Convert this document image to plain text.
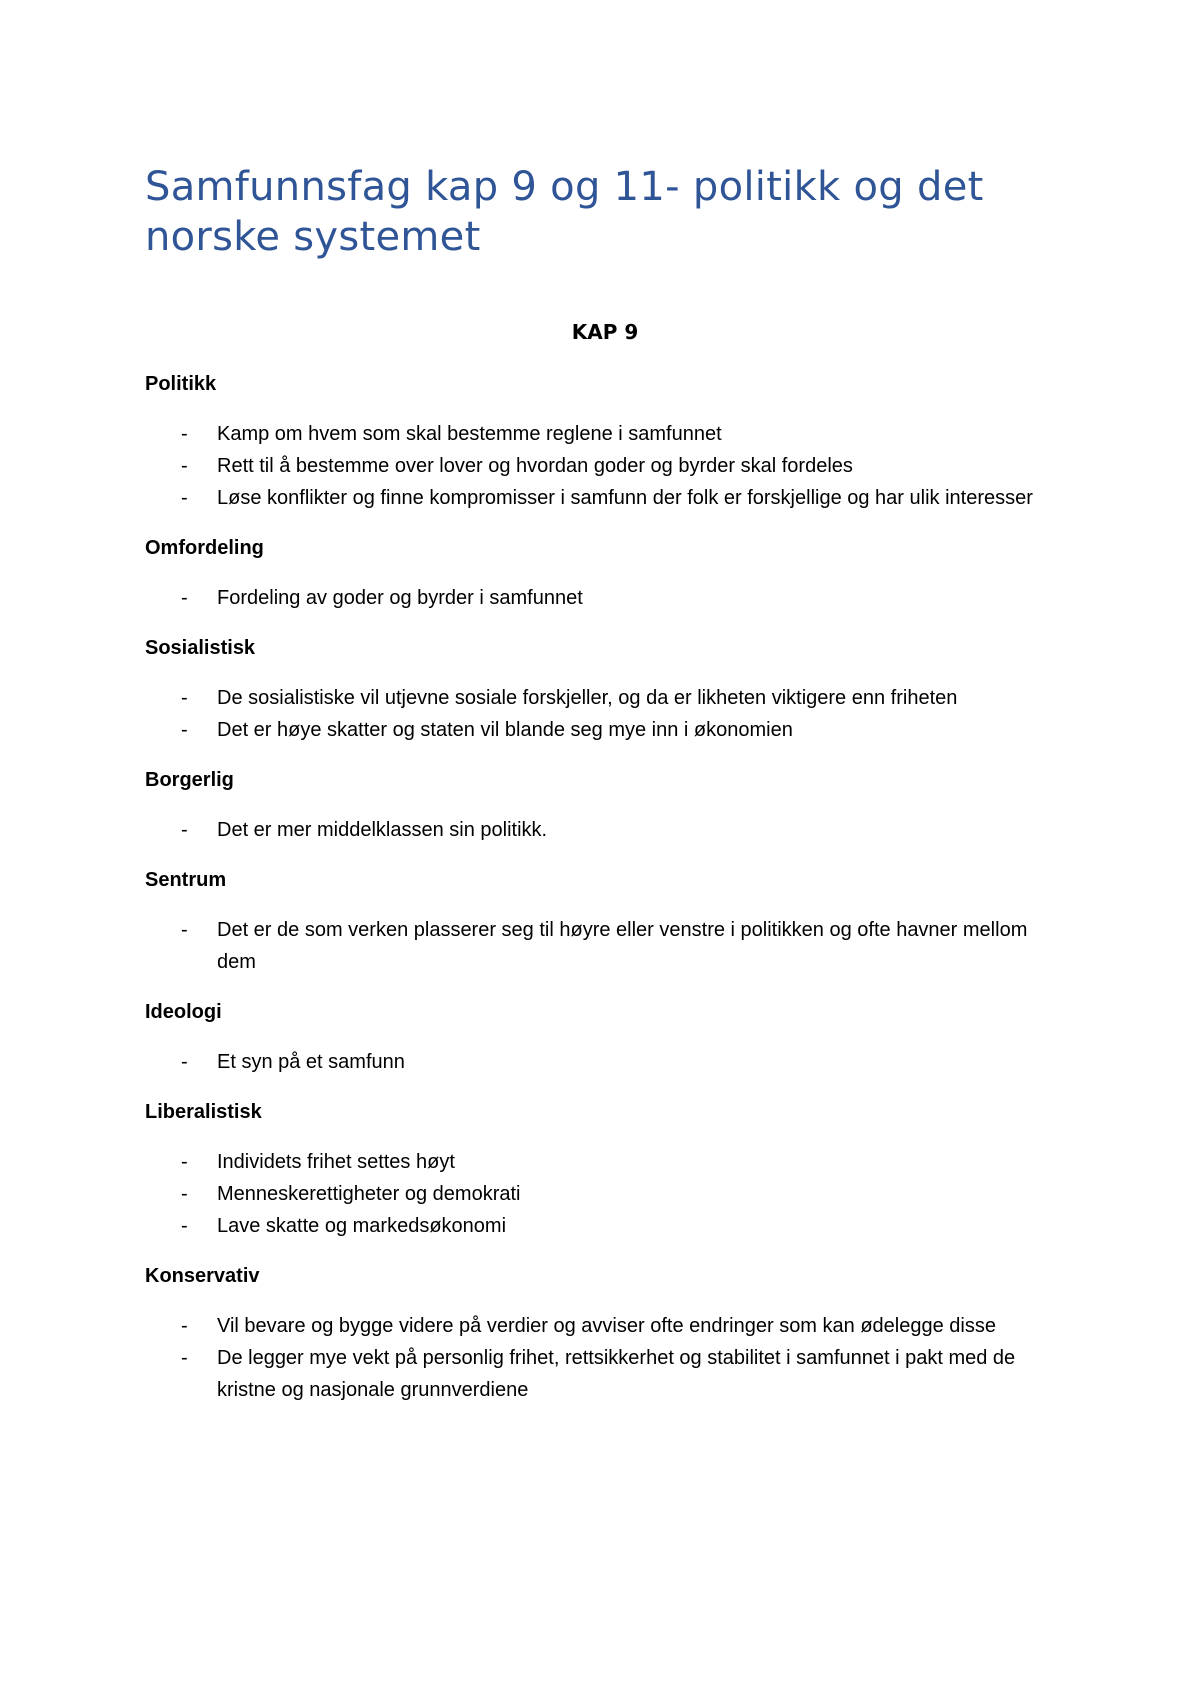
Samfunnsfag kap 9 og 11- politikk og det norske systemet
KAP 9
Politikk
- Kamp om hvem som skal bestemme reglene i samfunnet
- Rett til å bestemme over lover og hvordan goder og byrder skal fordeles
- Løse konflikter og finne kompromisser i samfunn der folk er forskjellige og har ulik interesser
Omfordeling
- Fordeling av goder og byrder i samfunnet
Sosialistisk
- De sosialistiske vil utjevne sosiale forskjeller, og da er likheten viktigere enn friheten
- Det er høye skatter og staten vil blande seg mye inn i økonomien
Borgerlig
- Det er mer middelklassen sin politikk.
Sentrum
- Det er de som verken plasserer seg til høyre eller venstre i politikken og ofte havner mellom dem
Ideologi
- Et syn på et samfunn
Liberalistisk
- Individets frihet settes høyt
- Menneskerettigheter og demokrati
- Lave skatte og markedsøkonomi
Konservativ
- Vil bevare og bygge videre på verdier og avviser ofte endringer som kan ødelegge disse
- De legger mye vekt på personlig frihet, rettsikkerhet og stabilitet i samfunnet i pakt med de kristne og nasjonale grunnverdiene
